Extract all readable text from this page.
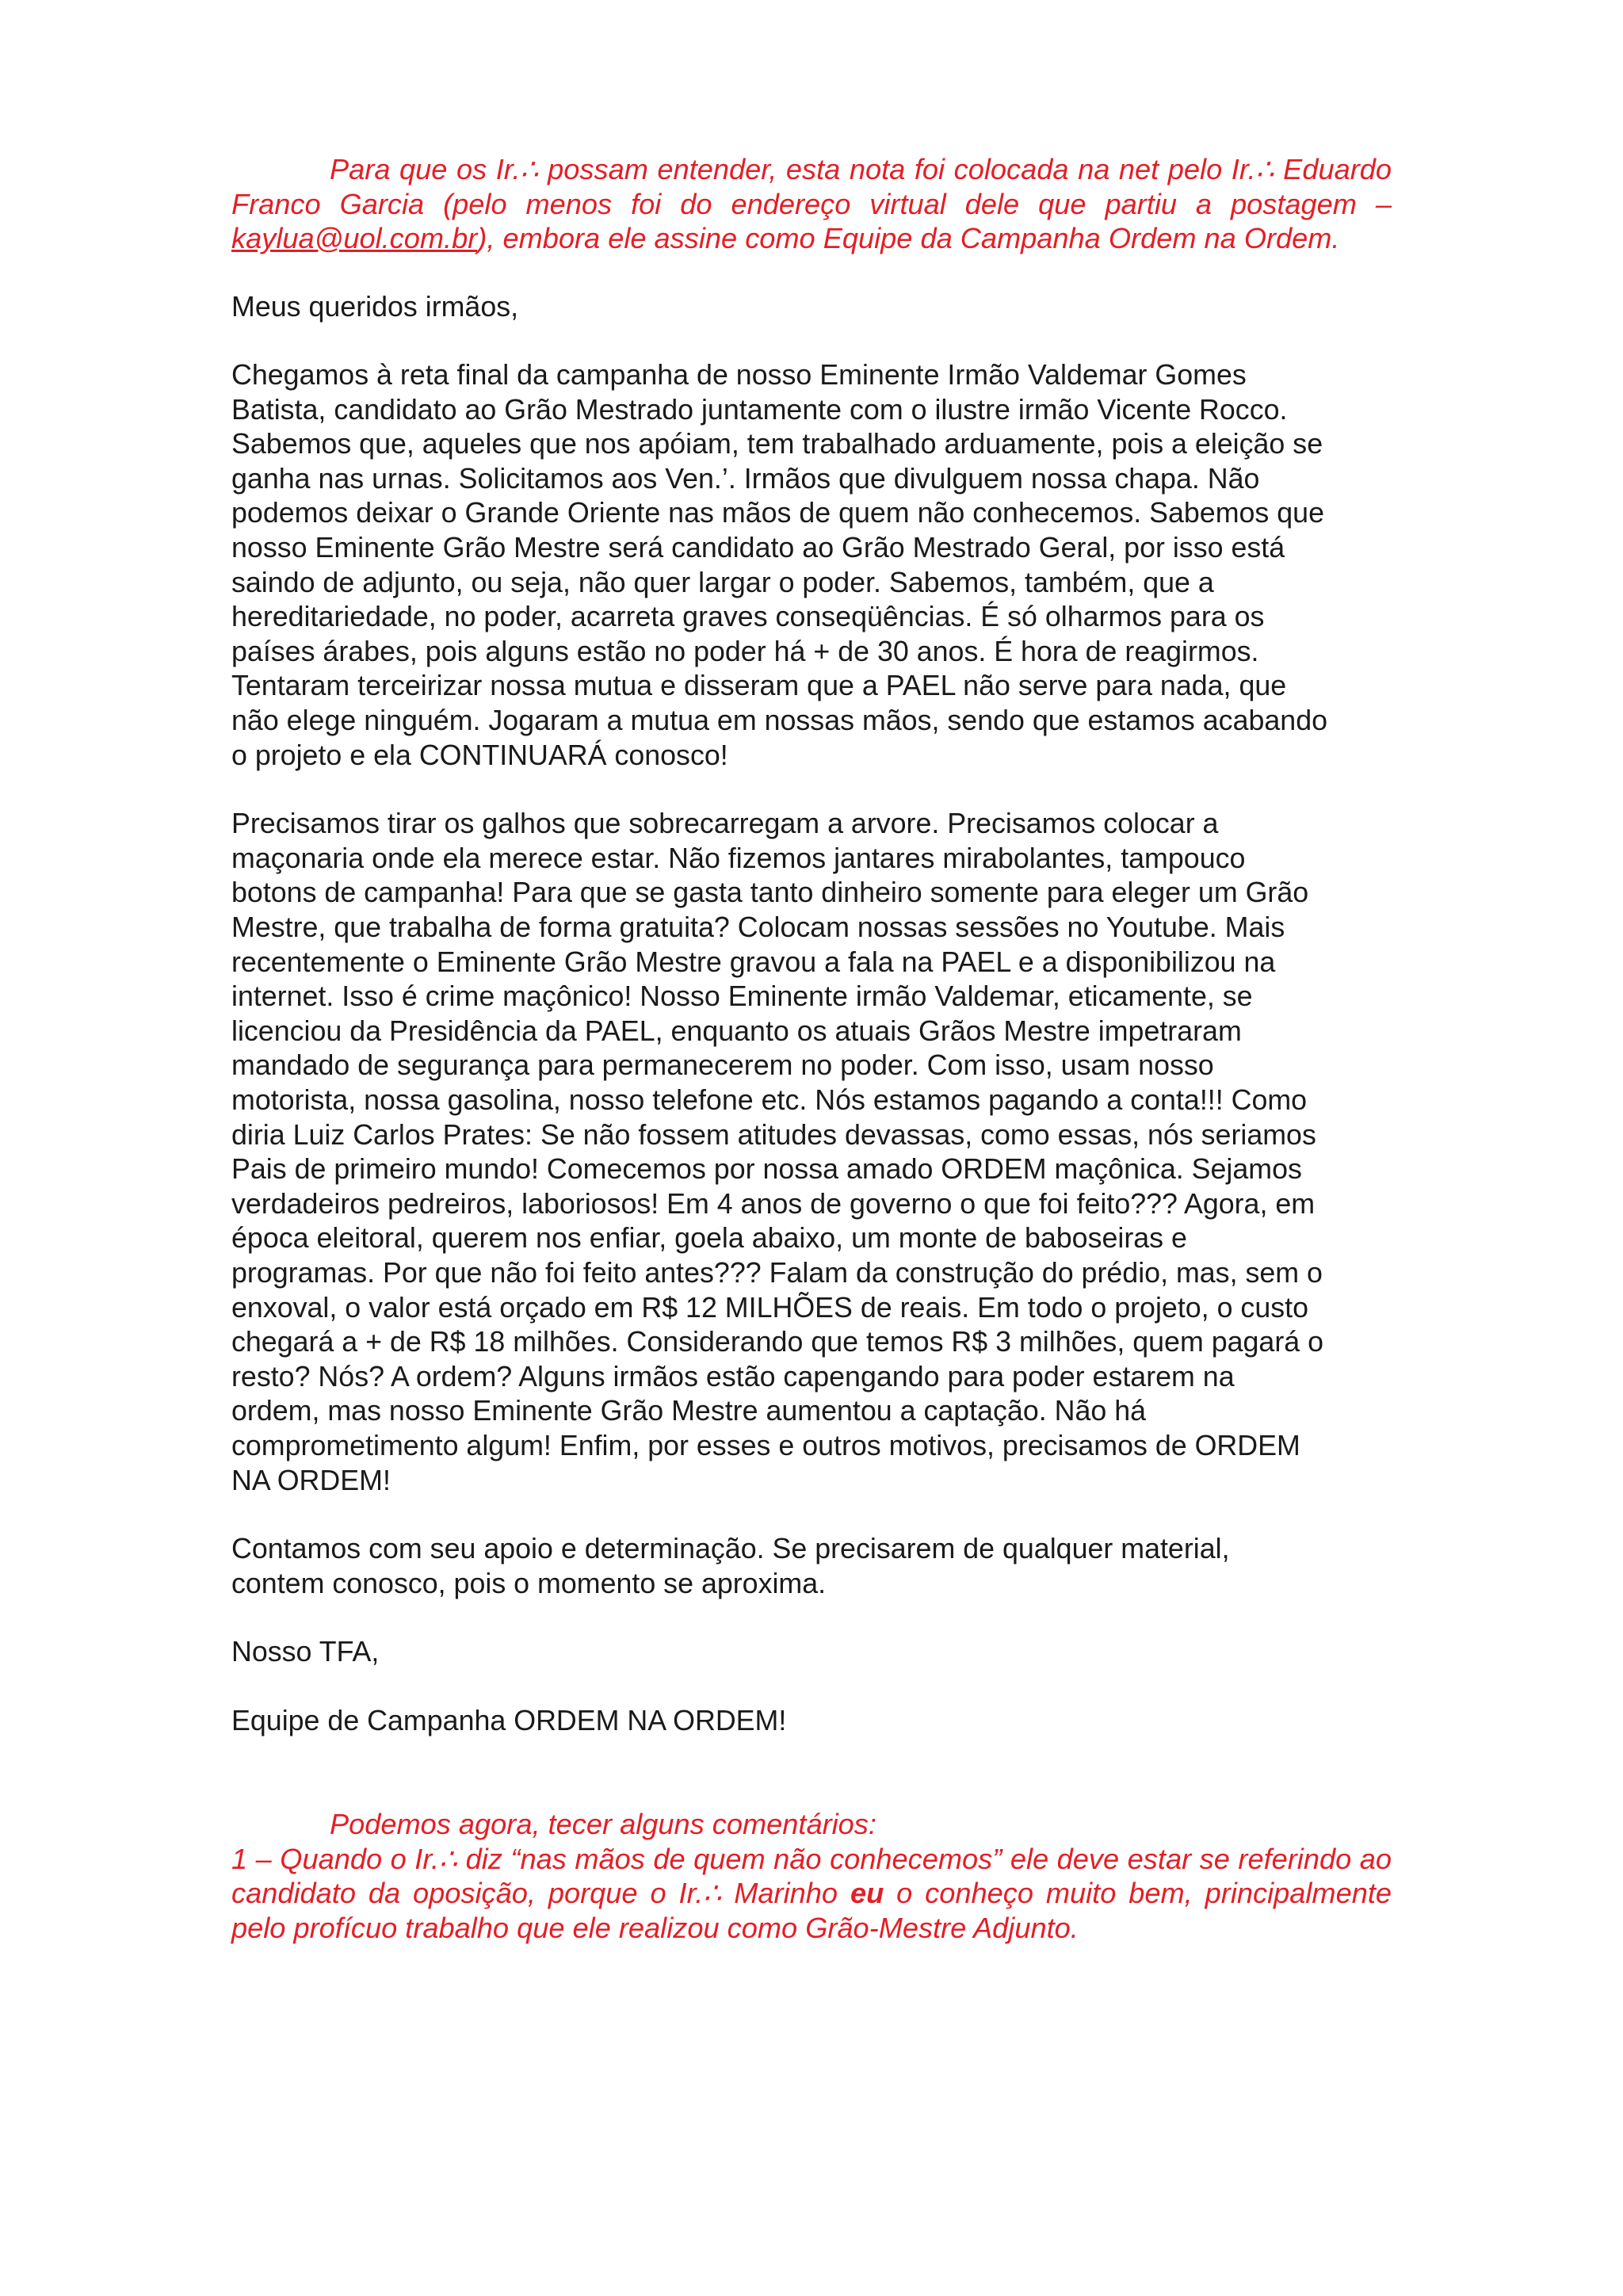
Para que os Ir.∴ possam entender, esta nota foi colocada na net pelo Ir.∴ Eduardo Franco Garcia (pelo menos foi do endereço virtual dele que partiu a postagem – kaylua@uol.com.br), embora ele assine como Equipe da Campanha Ordem na Ordem.

Meus queridos irmãos,

Chegamos à reta final da campanha de nosso Eminente Irmão Valdemar Gomes
Batista, candidato ao Grão Mestrado juntamente com o ilustre irmão Vicente Rocco.
Sabemos que, aqueles que nos apóiam, tem trabalhado arduamente, pois a eleição se
ganha nas urnas. Solicitamos aos Ven.’. Irmãos que divulguem nossa chapa. Não
podemos deixar o Grande Oriente nas mãos de quem não conhecemos. Sabemos que
nosso Eminente Grão Mestre será candidato ao Grão Mestrado Geral, por isso está
saindo de adjunto, ou seja, não quer largar o poder. Sabemos, também, que a
hereditariedade, no poder, acarreta graves conseqüências. É só olharmos para os
países árabes, pois alguns estão no poder há + de 30 anos. É hora de reagirmos.
Tentaram terceirizar nossa mutua e disseram que a PAEL não serve para nada, que
não elege ninguém. Jogaram a mutua em nossas mãos, sendo que estamos acabando
o projeto e ela CONTINUARÁ conosco!

Precisamos tirar os galhos que sobrecarregam a arvore. Precisamos colocar a
maçonaria onde ela merece estar. Não fizemos jantares mirabolantes, tampouco
botons de campanha! Para que se gasta tanto dinheiro somente para eleger um Grão
Mestre, que trabalha de forma gratuita? Colocam nossas sessões no Youtube. Mais
recentemente o Eminente Grão Mestre gravou a fala na PAEL e a disponibilizou na
internet. Isso é crime maçônico! Nosso Eminente irmão Valdemar, eticamente, se
licenciou da Presidência da PAEL, enquanto os atuais Grãos Mestre impetraram
mandado de segurança para permanecerem no poder. Com isso, usam nosso
motorista, nossa gasolina, nosso telefone etc. Nós estamos pagando a conta!!! Como
diria Luiz Carlos Prates: Se não fossem atitudes devassas, como essas, nós seriamos
Pais de primeiro mundo! Comecemos por nossa amado ORDEM maçônica. Sejamos
verdadeiros pedreiros, laboriosos! Em 4 anos de governo o que foi feito??? Agora, em
época eleitoral, querem nos enfiar, goela abaixo, um monte de baboseiras e
programas. Por que não foi feito antes??? Falam da construção do prédio, mas, sem o
enxoval, o valor está orçado em R$ 12 MILHÕES de reais. Em todo o projeto, o custo
chegará a + de R$ 18 milhões. Considerando que temos R$ 3 milhões, quem pagará o
resto? Nós? A ordem? Alguns irmãos estão capengando para poder estarem na
ordem, mas nosso Eminente Grão Mestre aumentou a captação. Não há
comprometimento algum! Enfim, por esses e outros motivos, precisamos de ORDEM
NA ORDEM!

Contamos com seu apoio e determinação. Se precisarem de qualquer material,
contem conosco, pois o momento se aproxima.

Nosso TFA,

Equipe de Campanha ORDEM NA ORDEM!

Podemos agora, tecer alguns comentários:

1 – Quando o Ir.∴ diz “nas mãos de quem não conhecemos” ele deve estar se referindo ao candidato da oposição, porque o Ir.∴ Marinho eu o conheço muito bem, principalmente pelo profícuo trabalho que ele realizou como Grão-Mestre Adjunto.
